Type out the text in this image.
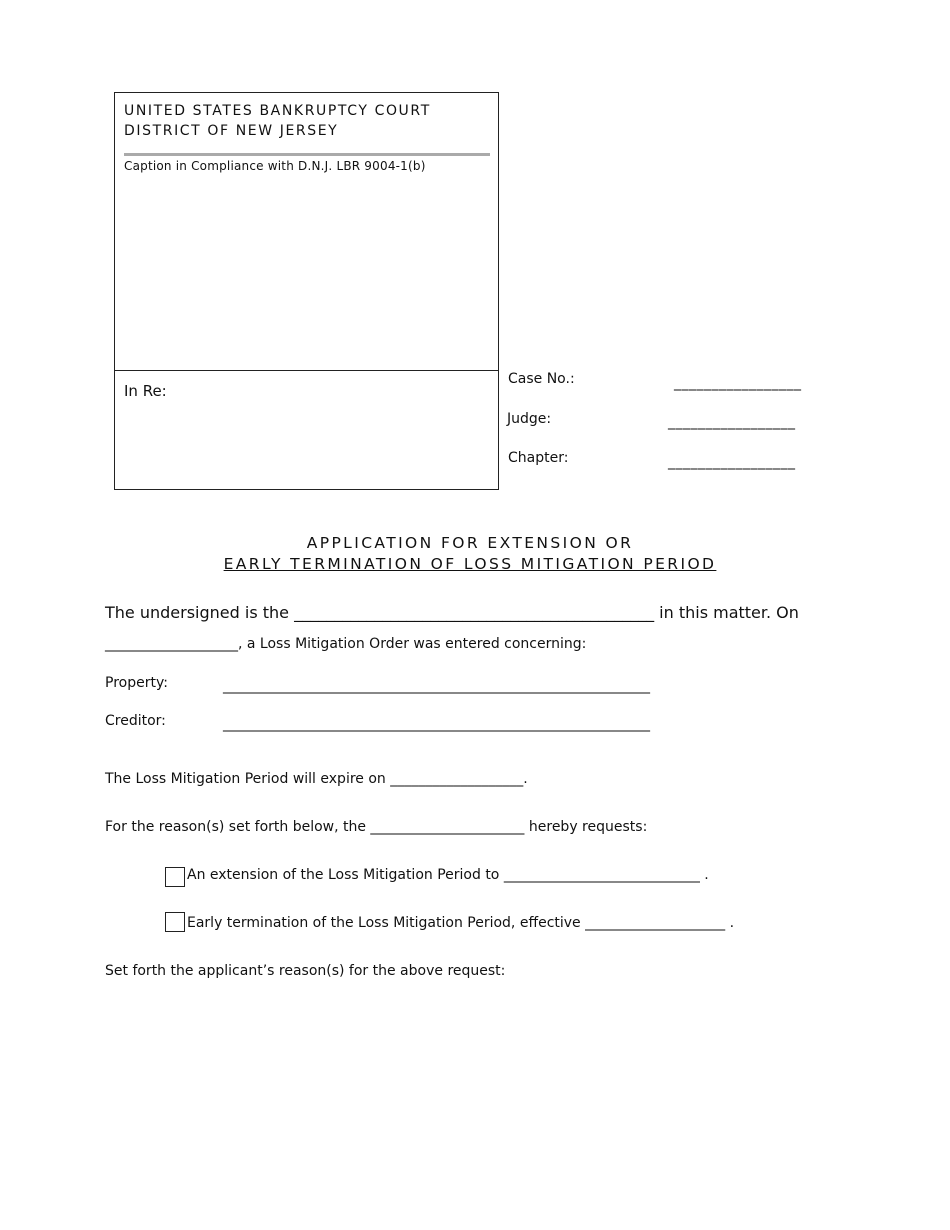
UNITED STATES BANKRUPTCY COURT
DISTRICT OF NEW JERSEY
Caption in Compliance with D.N.J. LBR 9004-1(b)
In Re:
Case No.:	_________________
Judge:	_________________
Chapter:	_________________
APPLICATION FOR EXTENSION OR
EARLY TERMINATION OF LOSS MITIGATION PERIOD
The undersigned is the _____________________________________________ in this matter. On
___________________, a Loss Mitigation Order was entered concerning:
Property:	_____________________________________________________________
Creditor:	_____________________________________________________________
The Loss Mitigation Period will expire on ___________________.
For the reason(s) set forth below, the ______________________ hereby requests:
An extension of the Loss Mitigation Period to ____________________________ .
Early termination of the Loss Mitigation Period, effective ____________________ .
Set forth the applicant’s reason(s) for the above request:
